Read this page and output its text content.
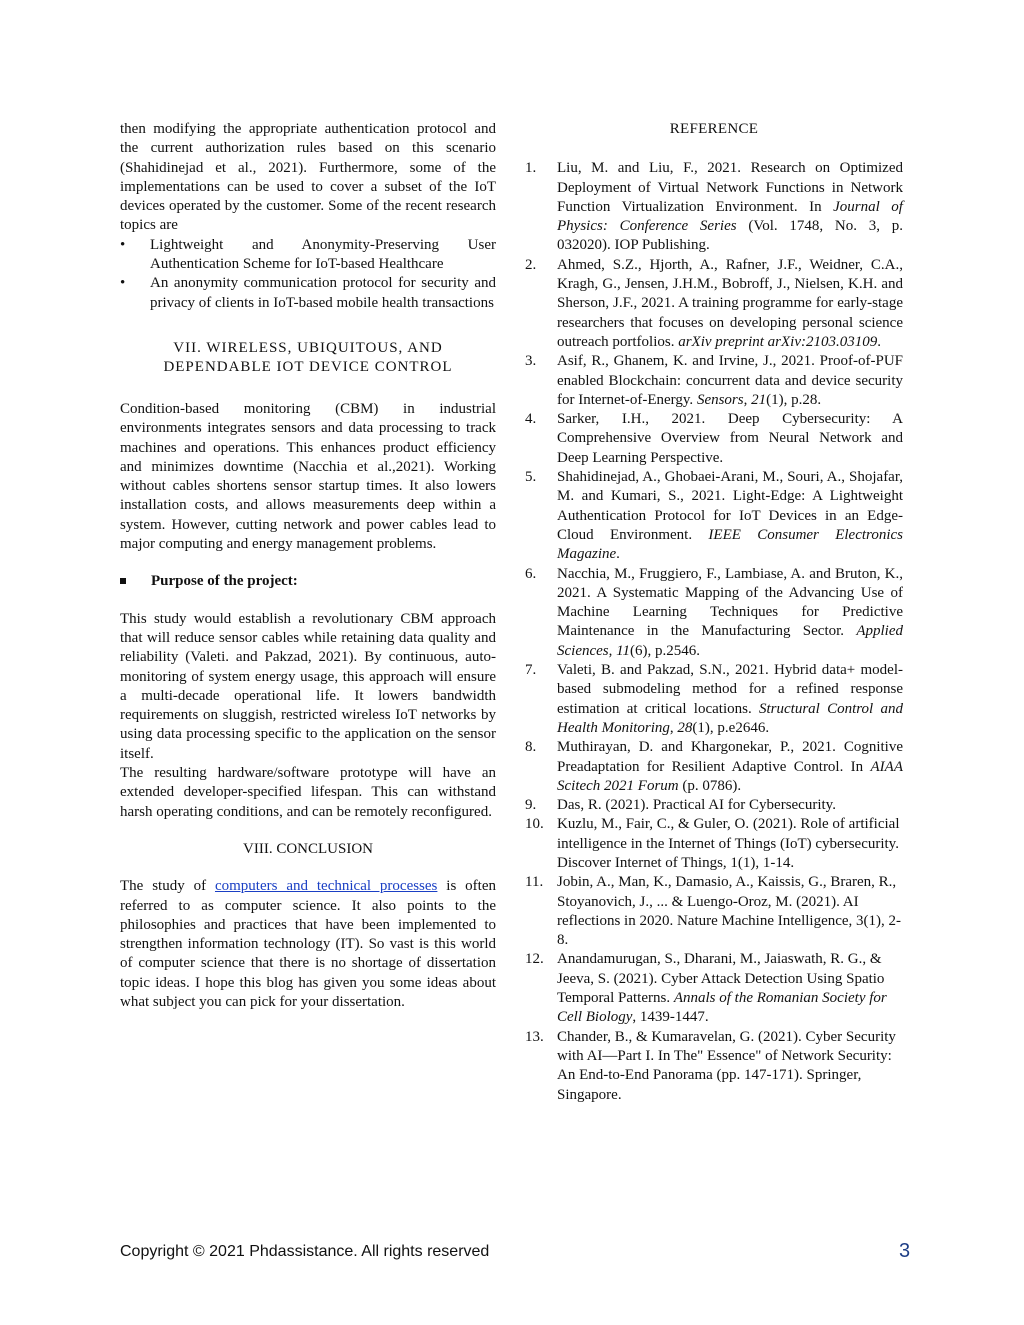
then modifying the appropriate authentication protocol and the current authorization rules based on this scenario (Shahidinejad et al., 2021). Furthermore, some of the implementations can be used to cover a subset of the IoT devices operated by the customer. Some of the recent research topics are

• Lightweight and Anonymity-Preserving User Authentication Scheme for IoT-based Healthcare
• An anonymity communication protocol for security and privacy of clients in IoT-based mobile health transactions
VII. WIRELESS, UBIQUITOUS, AND
DEPENDABLE IOT DEVICE CONTROL

Condition-based monitoring (CBM) in industrial environments integrates sensors and data processing to track machines and operations. This enhances product efficiency and minimizes downtime (Nacchia et al.,2021). Working without cables shortens sensor startup times. It also lowers installation costs, and allows measurements deep within a system. However, cutting network and power cables lead to major computing and energy management problems.

Purpose of the project:

This study would establish a revolutionary CBM approach that will reduce sensor cables while retaining data quality and reliability (Valeti. and Pakzad, 2021). By continuous, auto-monitoring of system energy usage, this approach will ensure a multi-decade operational life. It lowers bandwidth requirements on sluggish, restricted wireless IoT networks by using data processing specific to the application on the sensor itself.

The resulting hardware/software prototype will have an extended developer-specified lifespan. This can withstand harsh operating conditions, and can be remotely reconfigured.

VIII. CONCLUSION

The study of computers and technical processes is often referred to as computer science. It also points to the philosophies and practices that have been implemented to strengthen information technology (IT). So vast is this world of computer science that there is no shortage of dissertation topic ideas. I hope this blog has given you some ideas about what subject you can pick for your dissertation.

REFERENCE
1. Liu, M. and Liu, F., 2021. Research on Optimized Deployment of Virtual Network Functions in Network Function Virtualization Environment. In Journal of Physics: Conference Series (Vol. 1748, No. 3, p. 032020). IOP Publishing.
2. Ahmed, S.Z., Hjorth, A., Rafner, J.F., Weidner, C.A., Kragh, G., Jensen, J.H.M., Bobroff, J., Nielsen, K.H. and Sherson, J.F., 2021. A training programme for early-stage researchers that focuses on developing personal science outreach portfolios. arXiv preprint arXiv:2103.03109.
3. Asif, R., Ghanem, K. and Irvine, J., 2021. Proof-of-PUF enabled Blockchain: concurrent data and device security for Internet-of-Energy. Sensors, 21(1), p.28.
4. Sarker, I.H., 2021. Deep Cybersecurity: A Comprehensive Overview from Neural Network and Deep Learning Perspective.
5. Shahidinejad, A., Ghobaei-Arani, M., Souri, A., Shojafar, M. and Kumari, S., 2021. Light-Edge: A Lightweight Authentication Protocol for IoT Devices in an Edge-Cloud Environment. IEEE Consumer Electronics Magazine.
6. Nacchia, M., Fruggiero, F., Lambiase, A. and Bruton, K., 2021. A Systematic Mapping of the Advancing Use of Machine Learning Techniques for Predictive Maintenance in the Manufacturing Sector. Applied Sciences, 11(6), p.2546.
7. Valeti, B. and Pakzad, S.N., 2021. Hybrid data+ model-based submodeling method for a refined response estimation at critical locations. Structural Control and Health Monitoring, 28(1), p.e2646.
8. Muthirayan, D. and Khargonekar, P., 2021. Cognitive Preadaptation for Resilient Adaptive Control. In AIAA Scitech 2021 Forum (p. 0786).
9. Das, R. (2021). Practical AI for Cybersecurity.
10. Kuzlu, M., Fair, C., & Guler, O. (2021). Role of artificial intelligence in the Internet of Things (IoT) cybersecurity. Discover Internet of Things, 1(1), 1-14.
11. Jobin, A., Man, K., Damasio, A., Kaissis, G., Braren, R., Stoyanovich, J., ... & Luengo-Oroz, M. (2021). AI reflections in 2020. Nature Machine Intelligence, 3(1), 2-8.
12. Anandamurugan, S., Dharani, M., Jaiaswath, R. G., & Jeeva, S. (2021). Cyber Attack Detection Using Spatio Temporal Patterns. Annals of the Romanian Society for Cell Biology, 1439-1447.
13. Chander, B., & Kumaravelan, G. (2021). Cyber Security with AI—Part I. In The" Essence" of Network Security: An End-to-End Panorama (pp. 147-171). Springer, Singapore.
Copyright © 2021 Phdassistance. All rights reserved	3
